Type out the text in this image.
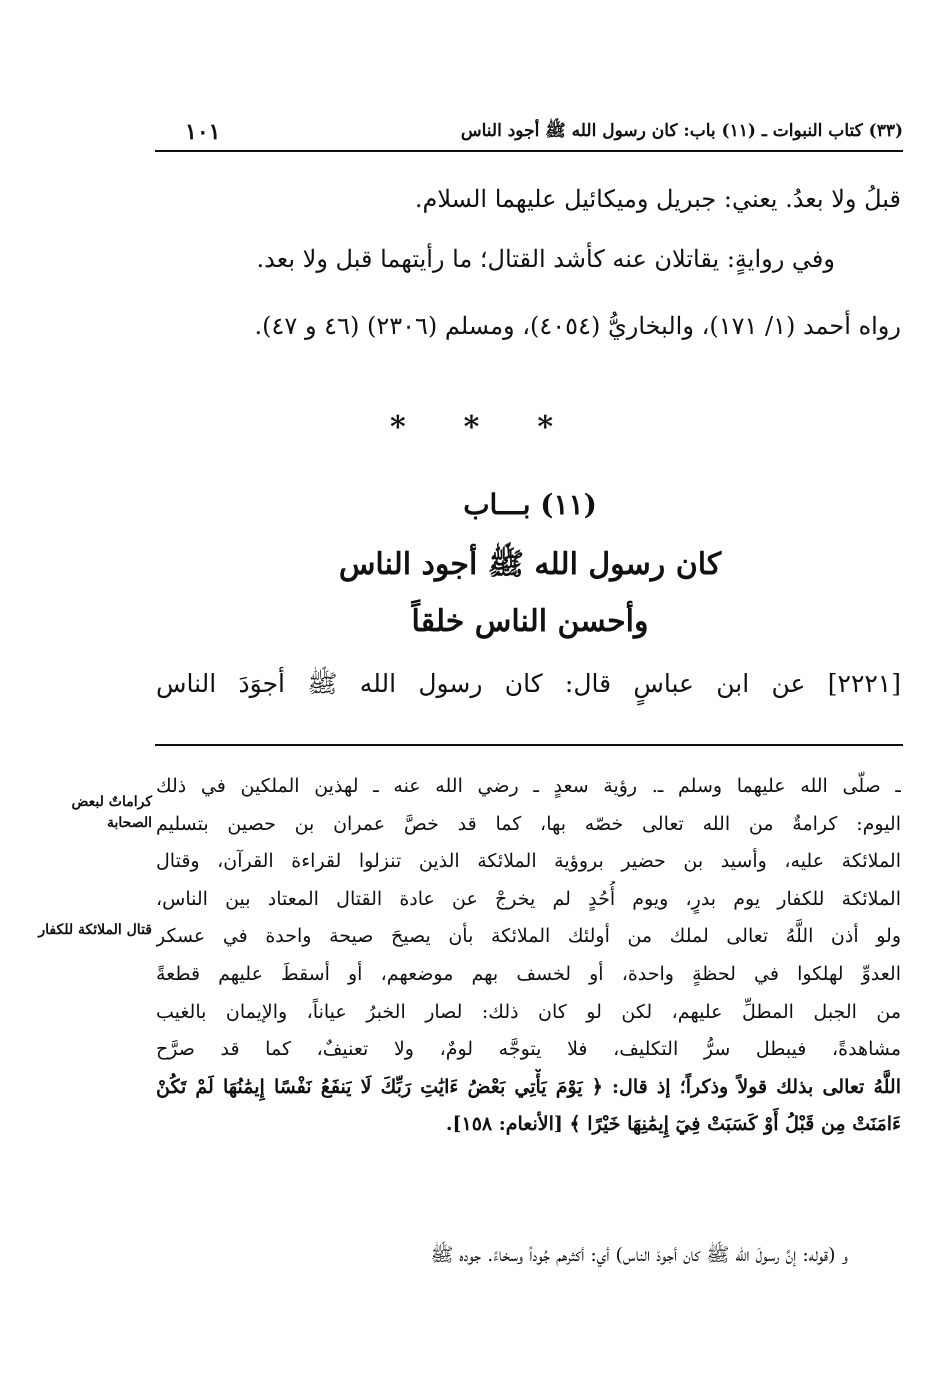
(٣٣) كتاب النبوات ـ (١١) باب: كان رسول الله ﷺ أجود الناس
١٠١
قبلُ ولا بعدُ. يعني: جبريل وميكائيل عليهما السلام.
وفي روايةٍ: يقاتلان عنه كأشد القتال؛ ما رأيتهما قبل ولا بعد.
رواه أحمد (١/ ١٧١)، والبخاريُّ (٤٠٥٤)، ومسلم (٢٣٠٦) (٤٦ و ٤٧).
* * *
(١١) بـــاب
كان رسول الله ﷺ أجود الناس
وأحسن الناس خلقاً
[٢٢٢١] عن ابن عباسٍ قال: كان رسول الله ﷺ أجوَدَ الناس
ـ صلّى الله عليهما وسلم ـ. رؤية سعدٍ ـ رضي الله عنه ـ لهذين الملكين في ذلك
اليوم: كرامةٌ من الله تعالى خصّه بها، كما قد خصَّ عمران بن حصين بتسليم
الملائكة عليه، وأسيد بن حضير بروؤية الملائكة الذين تنزلوا لقراءة القرآن، وقتال
الملائكة للكفار يوم بدرٍ، ويوم أُحُدٍ لم يخرجْ عن عادة القتال المعتاد بين الناس،
ولو أذن اللَّهُ تعالى لملك من أولئك الملائكة بأن يصيحَ صيحة واحدة في عسكر
العدوِّ لهلكوا في لحظةٍ واحدة، أو لخسف بهم موضعهم، أو أسقطَ عليهم قطعةً
من الجبل المطلِّ عليهم، لكن لو كان ذلك: لصار الخبرُ عياناً، والإيمان بالغيب
مشاهدةً، فيبطل سرُّ التكليف، فلا يتوجَّه لومٌ، ولا تعنيفٌ، كما قد صرَّح
اللَّهُ تعالى بذلك قولاً وذكراً؛ إذ قال: ﴿ يَوْمَ يَأْتِي بَعْضُ ءَايَٰتِ رَبِّكَ لَا يَنفَعُ نَفْسًا إِيمَٰنُهَا لَمْ تَكُنْ
ءَامَنَتْ مِن قَبْلُ أَوْ كَسَبَتْ فِيٓ إِيمَٰنِهَا خَيْرًا ﴾ [الأنعام: ١٥٨].
كراماتٌ لبعض الصحابة
قتال الملائكة للكفار
و (قوله: إنَّ رسولَ الله ﷺ كان أجودَ الناس) أي: أكثرهم جُوداً وسخاءً. جوده ﷺ
